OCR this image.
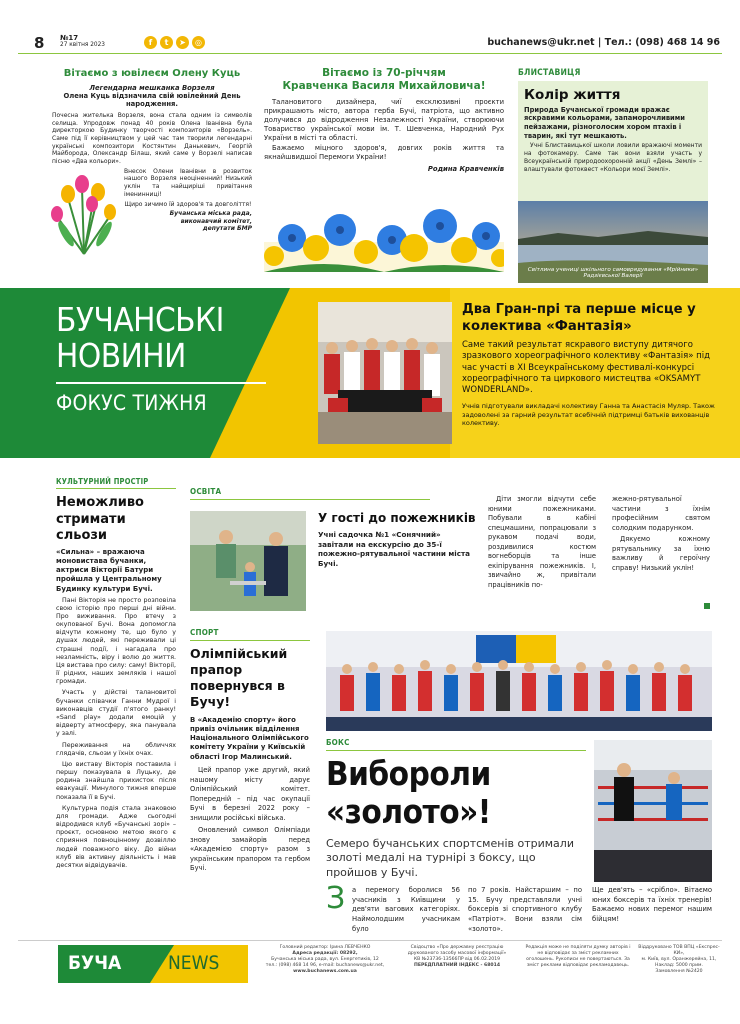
8 №17
27 квітня 2023	f t ➤ ◎	buchanews@ukr.net | Тел.: (098) 468 14 96
Вітаємо з ювілеєм Олену Куць
Легендарна мешканка Ворзеля
Олена Куць відзначила свій ювілейний День народження.
Почесна жителька Ворзеля, вона стала одним із символів селища. Упродовж понад 40 років Олена Іванівна була директоркою Будинку творчості композиторів «Ворзель». Саме під її керівництвом у цей час там творили легендарні українські композитори Костянтин Данькевич, Георгій Майборода, Олександр Білаш, який саме у Ворзелі написав пісню «Два кольори».
Внесок Олени Іванівни в розвиток нашого Ворзеля неоціненний! Низький уклін та найщиріші привітання іменинниці!
Щиро зичимо їй здоров'я та довголіття!
Бучанська міська рада,
виконавчий комітет,
депутати БМР
Вітаємо із 70-річчям
Кравченка Василя Михайловича!
Талановитого дизайнера, чиї ексклюзивні проєкти прикрашають місто, автора герба Бучі, патріота, що активно долучився до відродження Незалежності України, створюючи Товариство української мови ім. Т. Шевченка, Народний Рух України в місті та області.
Бажаємо міцного здоров'я, довгих років життя та якнайшвидшої Перемоги України!
Родина Кравченків
БЛИСТАВИЦЯ
Колір життя
Природа Бучанської громади вражає яскравими кольорами, запаморочливими пейзажами, різноголосим хором птахів і тварин, які тут мешкають.
Учні Блиставицької школи ловили вражаючі моменти на фотокамеру. Саме так вони взяли участь у Всеукраїнській природоохоронній акції «День Землі» – влаштували фотоквест «Кольори моєї Землі».
Світлина учениці шкільного самоврядування «Мрійники» Радзієвської Валерії
БУЧАНСЬКІ
НОВИНИ
ФОКУС ТИЖНЯ
Два Гран-прі та перше місце у колектива «Фантазія»
Саме такий результат яскравого виступу дитячого зразкового хореографічного колективу «Фантазія» під час участі в ХІ Всеукраїнському фестивалі-конкурсі хореографічного та циркового мистецтва «OKSAMYT WONDERLAND».
Учнів підготували викладачі колективу Ганна та Анастасія Муляр. Також задоволені за гарний результат всебічній підтримці батьків вихованців колективу.
КУЛЬТУРНИЙ ПРОСТІР
Неможливо стримати сльози
«Сильна» – вражаюча моновистава бучанки, актриси Вікторії Батури пройшла у Центральному Будинку культури Бучі.
Пані Вікторія не просто розповіла свою історію про перші дні війни. Про виживання. Про втечу з окупованої Бучі. Вона допомогла відчути кожному те, що було у душах людей, які переживали ці страшні події, і нагадала про незламність, віру і волю до життя. Ця вистава про силу: саму! Вікторії, її рідних, наших земляків і нашої громади.
Участь у дійстві талановитої бучанки співачки Ганни Мудрої і виконавців студії п'ятого ранку! «Sand play» додали емоцій у відверту атмосферу, яка панувала у залі.
Переживання на обличчях глядачів, сльози у їхніх очах.
Цю виставу Вікторія поставила і першу показувала в Луцьку, де родина знайшла прихисток після евакуації. Минулого тижня вперше показала її в Бучі.
Культурна подія стала знаковою для громади. Адже сьогодні відродився клуб «Бучанські зорі» – проєкт, основною метою якого є сприяння повноцінному дозвіллю людей поважного віку. До війни клуб вів активну діяльність і мав десятки відвідувачів.
ОСВІТА
У гості до пожежників
Учні садочка №1 «Сонячний» завітали на екскурсію до 35-ї пожежно-рятувальної частини міста Бучі.
Діти змогли відчути себе юними пожежниками. Побували в кабіні спецмашини, попрацювали з рукавом подачі води, роздивилися костюм вогнеборців та інше екіпірування пожежників. І, звичайно ж, привітали працівників по-
жежно-рятувальної частини з їхнім професійним святом солодким подарунком.
Дякуємо кожному рятувальнику за їхню важливу й героїчну справу! Низький уклін!
СПОРТ
Олімпійський прапор повернувся в Бучу!
В «Академію спорту» його привіз очільник відділення Національного Олімпійського комітету України у Київській області Ігор Малинський.
Цей прапор уже другий, який нашому місту дарує Олімпійський комітет. Попередній – під час окупації Бучі в березні 2022 року – знищили російські війська.
Оновлений символ Олімпіади знову замайорів перед «Академією спорту» разом з українським прапором та гербом Бучі.
БОКС
Вибороли
«золото»!
Семеро бучанських спортсменів отримали золоті медалі на турнірі з боксу, що пройшов у Бучі.
З а перемогу боролися 56 учасників з Київщини у дев'яти вагових категоріях. Наймолодшим учасникам було
по 7 років. Найстаршим – по 15. Бучу представляли учні боксерів зі спортивного клубу «Патріот». Вони взяли сім «золото».
Ще дев'ять – «срібло». Вітаємо юних боксерів та їхніх тренерів! Бажаємо нових перемог нашим бійцям!
БУЧА NEWS
Головний редактор: Ірина ЛЕВЧЕНКО
Адреса редакції: 08292,
Бучанська міська рада, вул. Енергетиків, 12
тел.: (098) 468 14 96, e-mail: buchanews@ukr.net,
www.buchanews.com.ua
Свідоцтво «Про державну реєстрацію друкованого засобу масової інформації»
КВ №23736-13566ПР від 06.02.2019
ПЕРЕДПЛАТНИЙ ІНДЕКС - 68014
Редакція може не поділяти думку авторів і не відповідає за зміст рекламних оголошень. Рукописи не повертаються. За зміст реклами відповідає рекламодавець.
Віддруковано ТОВ ВПЦ «Експрес-КИ»,
м. Київ, вул. Оранжерейна, 11,
Наклад: 5000 прим.
Замовлення №2420
